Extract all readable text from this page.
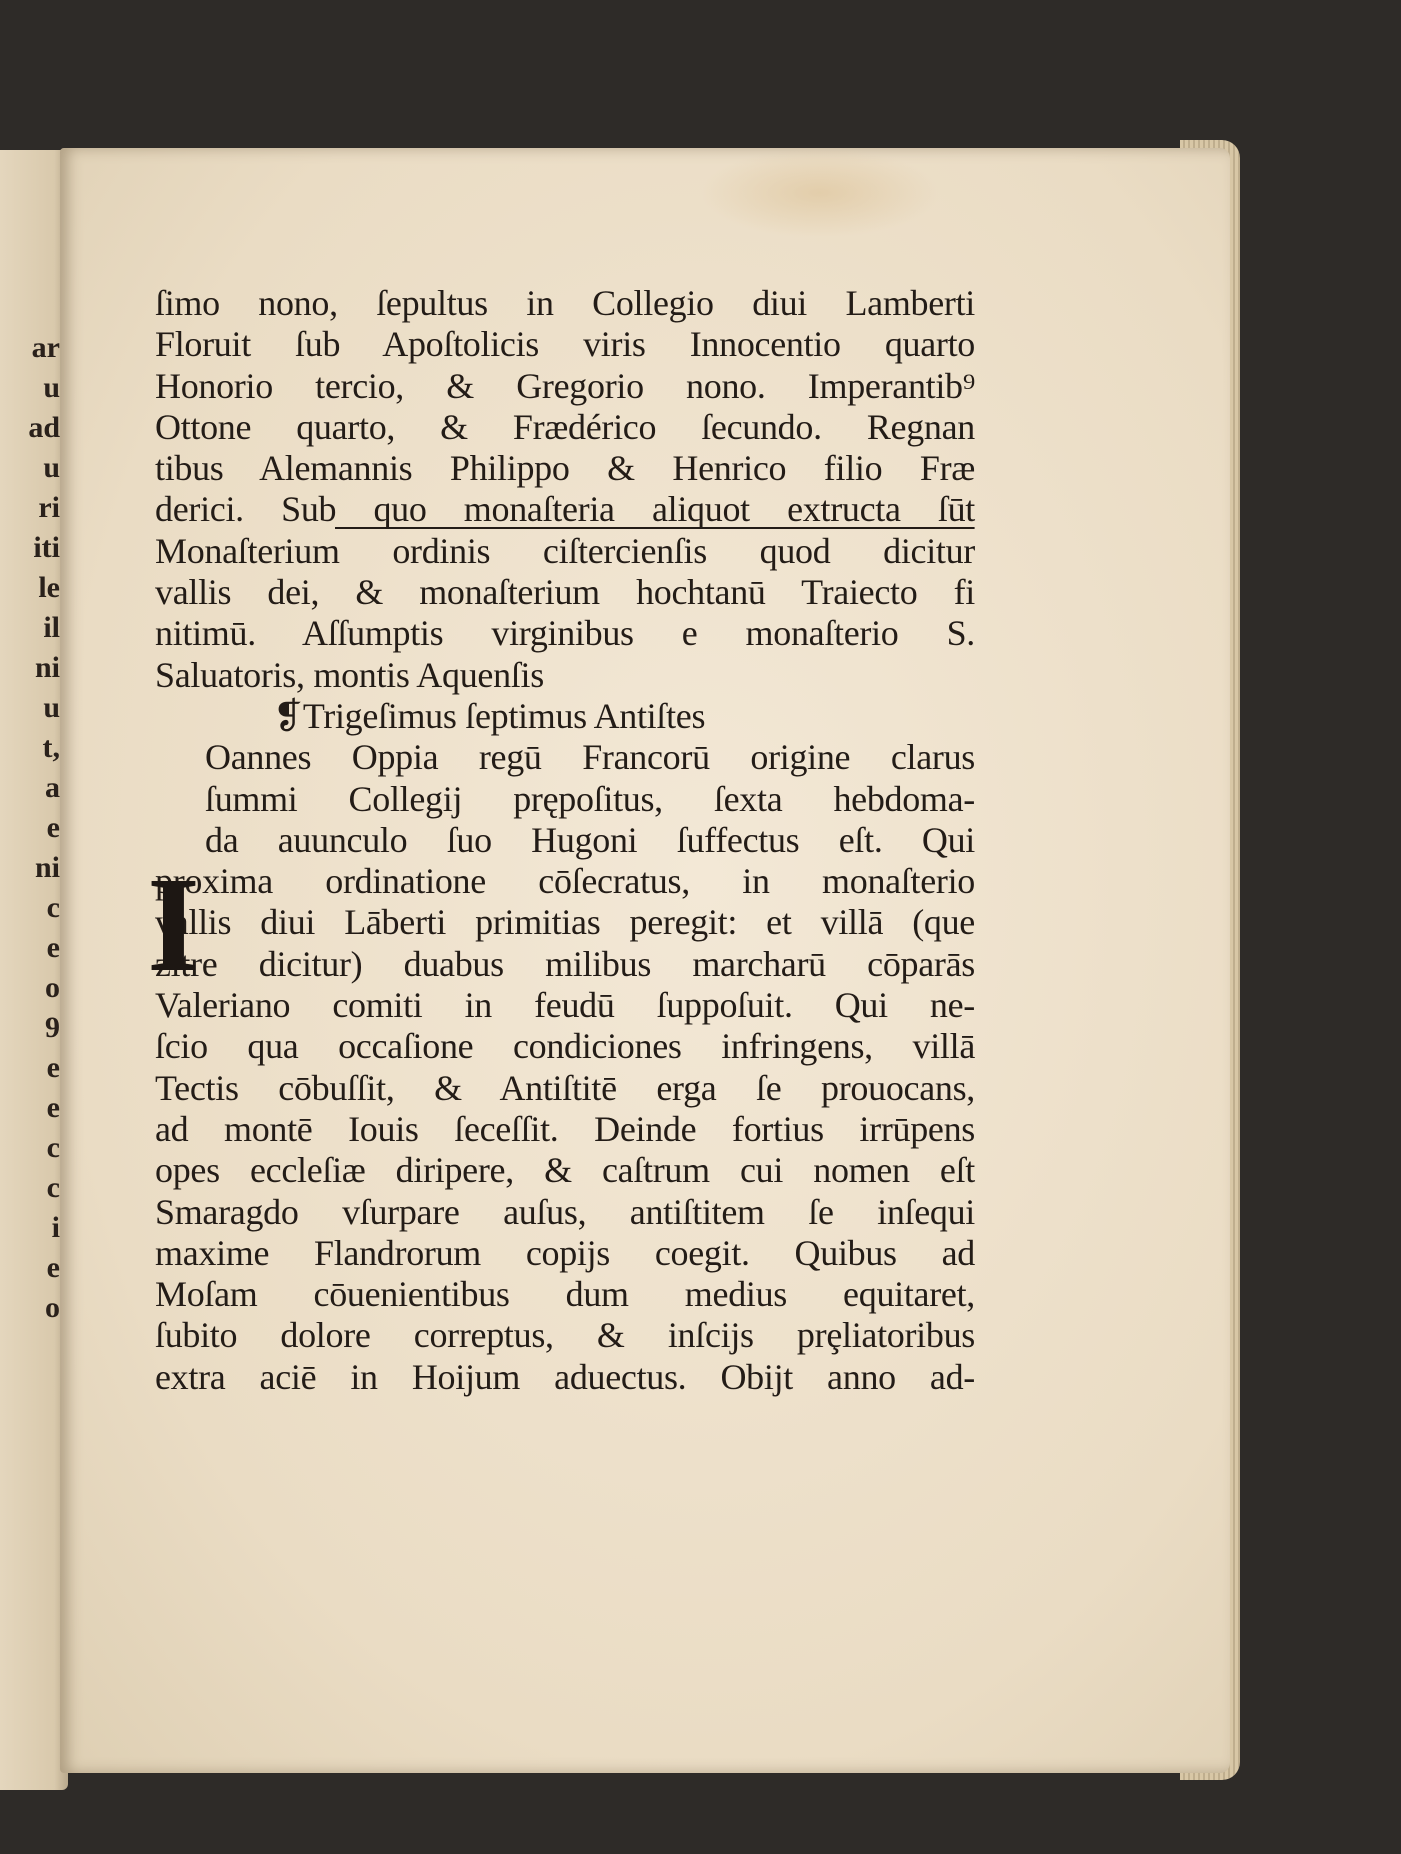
ar
u
ad
u
ri
iti
le
il
ni
u
t,
a
e
ni
c
e
o
9
e
e
c
c
i
e
o
ſimo nono, ſepultus in Collegio diui Lamberti
Floruit ſub Apoſtolicis viris Innocentio quarto
Honorio tercio, & Gregorio nono. Imperantib⁹
Ottone quarto, & Frædérico ſecundo. Regnan
tibus Alemannis Philippo & Henrico filio Fræ
derici. Sub quo monaſteria aliquot extructa ſūt
Monaſterium ordinis ciſtercienſis quod dicitur
vallis dei, & monaſterium hochtanū Traiecto fi
nitimū. Aſſumptis virginibus e monaſterio S.
Saluatoris, montis Aquenſis
❡Trigeſimus ſeptimus Antiſtes
I
Oannes Oppia regū Francorū origine clarus
ſummi Collegij prępoſitus, ſexta hebdoma-
da auunculo ſuo Hugoni ſuffectus eſt. Qui
proxima ordinatione cōſecratus, in monaſterio
vallis diui Lāberti primitias peregit: et villā (que
zitre dicitur) duabus milibus marcharū cōparās
Valeriano comiti in feudū ſuppoſuit. Qui ne-
ſcio qua occaſione condiciones infringens, villā
Tectis cōbuſſit, & Antiſtitē erga ſe prouocans,
ad montē Iouis ſeceſſit. Deinde fortius irrūpens
opes eccleſiæ diripere, & caſtrum cui nomen eſt
Smaragdo vſurpare auſus, antiſtitem ſe inſequi
maxime Flandrorum copijs coegit. Quibus ad
Moſam cōuenientibus dum medius equitaret,
ſubito dolore correptus, & inſcijs prȩliatoribus
extra aciē in Hoijum aduectus. Obijt anno ad-
